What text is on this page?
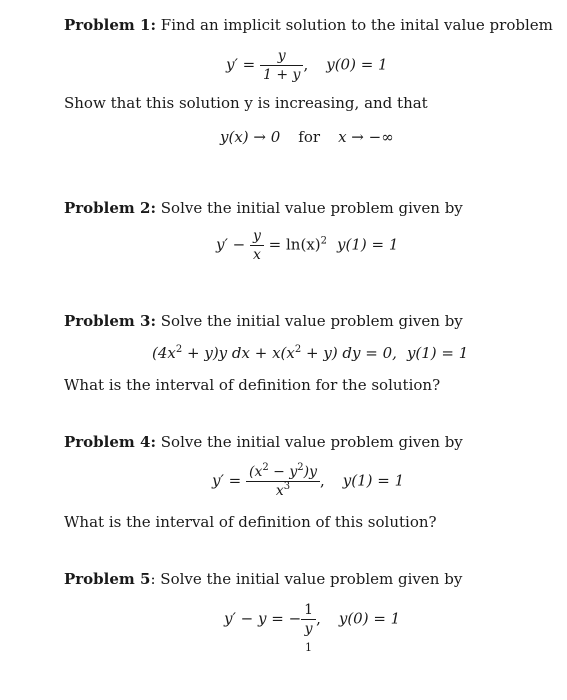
Problem 1: Find an implicit solution to the inital value problem
$y' = \frac{y}{1 + y}$ , y(0) = 1
Show that this solution y is increasing, and that
y(x) → 0 for x → −∞
Problem 2: Solve the initial value problem given by
$y' - \frac{y}{x} = \ln(x)^2$ y(1) = 1
Problem 3: Solve the initial value problem given by
$(4x^2 + y)y$ dx + $x(x^2 + y)$ dy = 0, y(1) = 1
What is the interval of definition for the solution?
Problem 4: Solve the initial value problem given by
$y' = \frac{(x^2 - y^2)y}{x^3}$ , y(1) = 1
What is the interval of definition of this solution?
Problem 5: Solve the initial value problem given by
y′ − y = − $\frac{1}{y}$ , y(0) = 1
1
